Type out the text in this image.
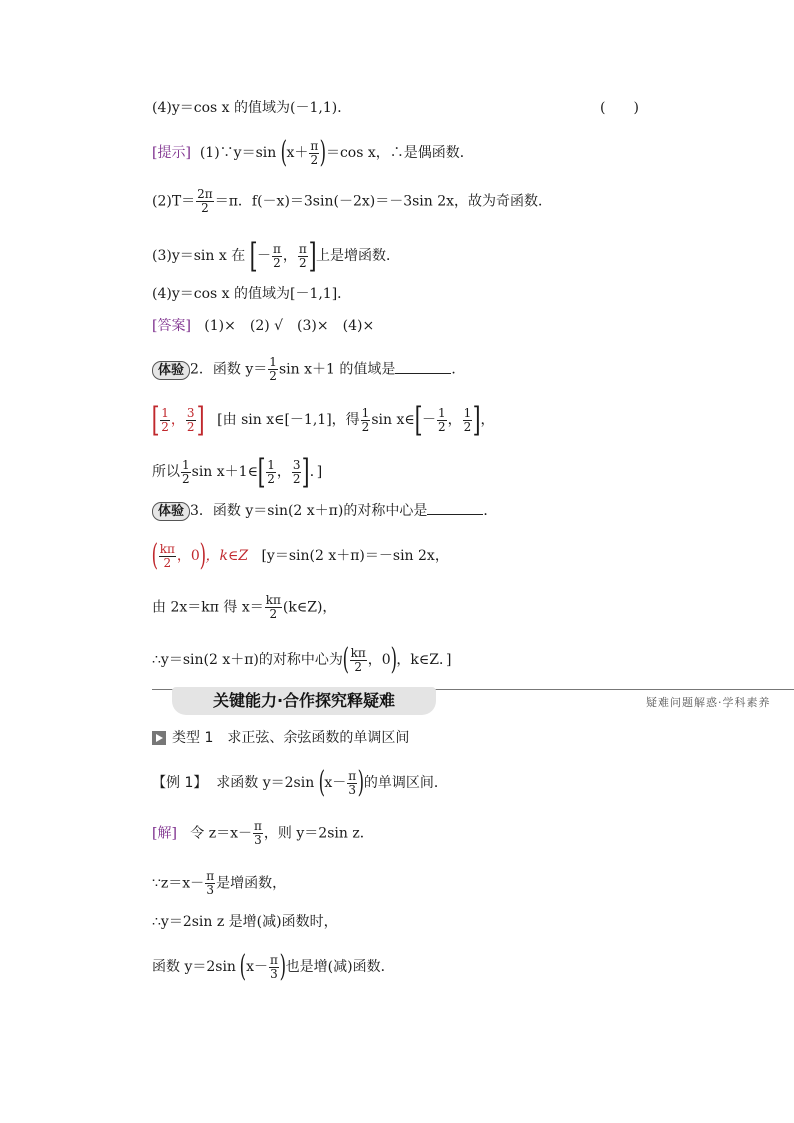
(4)y＝cos x 的值域为(－1,1)．	(　　)
[提示] (1)∵y＝sin $(x+ \frac{\pi}{2} )=\cos$ x，∴是偶函数．
$(2)T= \frac{2\pi}{2} =\pi$．f(－x)＝3sin(－2x)＝－3sin 2x，故为奇函数．
(3)y＝sin x 在 [－ $\frac{\pi}{2}$ ， $\frac{\pi}{2}$ ]上是增函数．
(4)y＝cos x 的值域为[－1,1]．
[答案] (1)×　(2) √　(3)×　(4)×
体验 2．函数 $y= \frac{1}{2}$ sin x＋1 的值域是	．
[ $\frac{1}{2}$ ， $\frac{3}{2}$ ] [由 sin x∈[－1,1]，得 $\frac{1}{2}$ sin x∈[－ $\frac{1}{2}$ ， $\frac{1}{2}$ ]，
所以 $\frac{1}{2}$ sin x＋1∈[ $\frac{1}{2}$ ， $\frac{3}{2}$ ]．]
体验 3．函数 y＝sin(2 x＋π)的对称中心是	．
( $\frac{k\pi}{2}$ ，0)，k∈Z [y＝sin(2 x＋π)＝－sin 2x，
由 2x＝kπ 得 $x= \frac{k\pi}{2}$ (k∈Z)，
∴y＝sin(2 x＋π)的对称中心为( $\frac{k\pi}{2}$ ，0)，k∈Z．]
关键能力·合作探究释疑难	疑难问题解惑·学科素养
类型 1　求正弦、余弦函数的单调区间
【例 1】 求函数 y＝2sin ($x- \frac{\pi}{3}$ )的单调区间．
[解] 令 $z=x- \frac{\pi}{3}$ ，则 y＝2sin z．
∵z＝x－ $\frac{\pi}{3}$ 是增函数，
∴y＝2sin z 是增(减)函数时，
函数 y＝2sin ($x- \frac{\pi}{3}$ )也是增(减)函数．
